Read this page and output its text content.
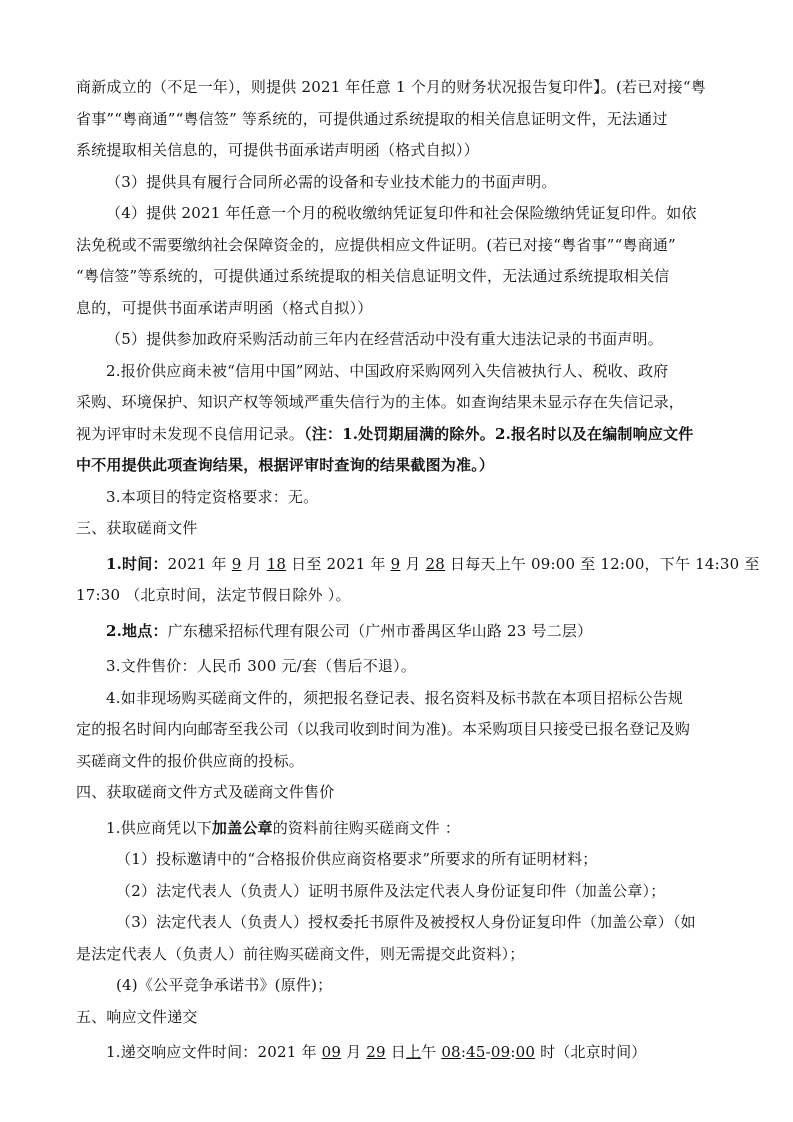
商新成立的（不足一年），则提供 2021 年任意 1 个月的财务状况报告复印件】。(若已对接“粤
省事”“粤商通”“粤信签” 等系统的，可提供通过系统提取的相关信息证明文件，无法通过
系统提取相关信息的，可提供书面承诺声明函（格式自拟））
（3）提供具有履行合同所必需的设备和专业技术能力的书面声明。
（4）提供 2021 年任意一个月的税收缴纳凭证复印件和社会保险缴纳凭证复印件。如依
法免税或不需要缴纳社会保障资金的，应提供相应文件证明。(若已对接“粤省事”“粤商通”
“粤信签”等系统的，可提供通过系统提取的相关信息证明文件，无法通过系统提取相关信
息的，可提供书面承诺声明函（格式自拟））
（5）提供参加政府采购活动前三年内在经营活动中没有重大违法记录的书面声明。
2.报价供应商未被“信用中国”网站、中国政府采购网列入失信被执行人、税收、政府
采购、环境保护、知识产权等领域严重失信行为的主体。如查询结果未显示存在失信记录，
视为评审时未发现不良信用记录。（注：1.处罚期届满的除外。2.报名时以及在编制响应文件
中不用提供此项查询结果，根据评审时查询的结果截图为准。）
3.本项目的特定资格要求：无。
三、获取磋商文件
1.时间：2021 年 9 月 18 日至 2021 年 9 月 28 日每天上午 09:00 至 12:00，下午 14:30 至
17:30 （北京时间，法定节假日除外 ）。
2.地点：广东穗采招标代理有限公司（广州市番禺区华山路 23 号二层）
3.文件售价：人民币 300 元/套（售后不退）。
4.如非现场购买磋商文件的，须把报名登记表、报名资料及标书款在本项目招标公告规
定的报名时间内向邮寄至我公司（以我司收到时间为准)。本采购项目只接受已报名登记及购
买磋商文件的报价供应商的投标。
四、获取磋商文件方式及磋商文件售价
1.供应商凭以下加盖公章的资料前往购买磋商文件 ：
（1）投标邀请中的“合格报价供应商资格要求”所要求的所有证明材料；
（2）法定代表人（负责人）证明书原件及法定代表人身份证复印件（加盖公章）；
（3）法定代表人（负责人）授权委托书原件及被授权人身份证复印件（加盖公章）（如
是法定代表人（负责人）前往购买磋商文件，则无需提交此资料）；
(4)《公平竞争承诺书》(原件)；
五、响应文件递交
1.递交响应文件时间：2021 年 09 月 29 日上午 08:45-09:00 时（北京时间）
